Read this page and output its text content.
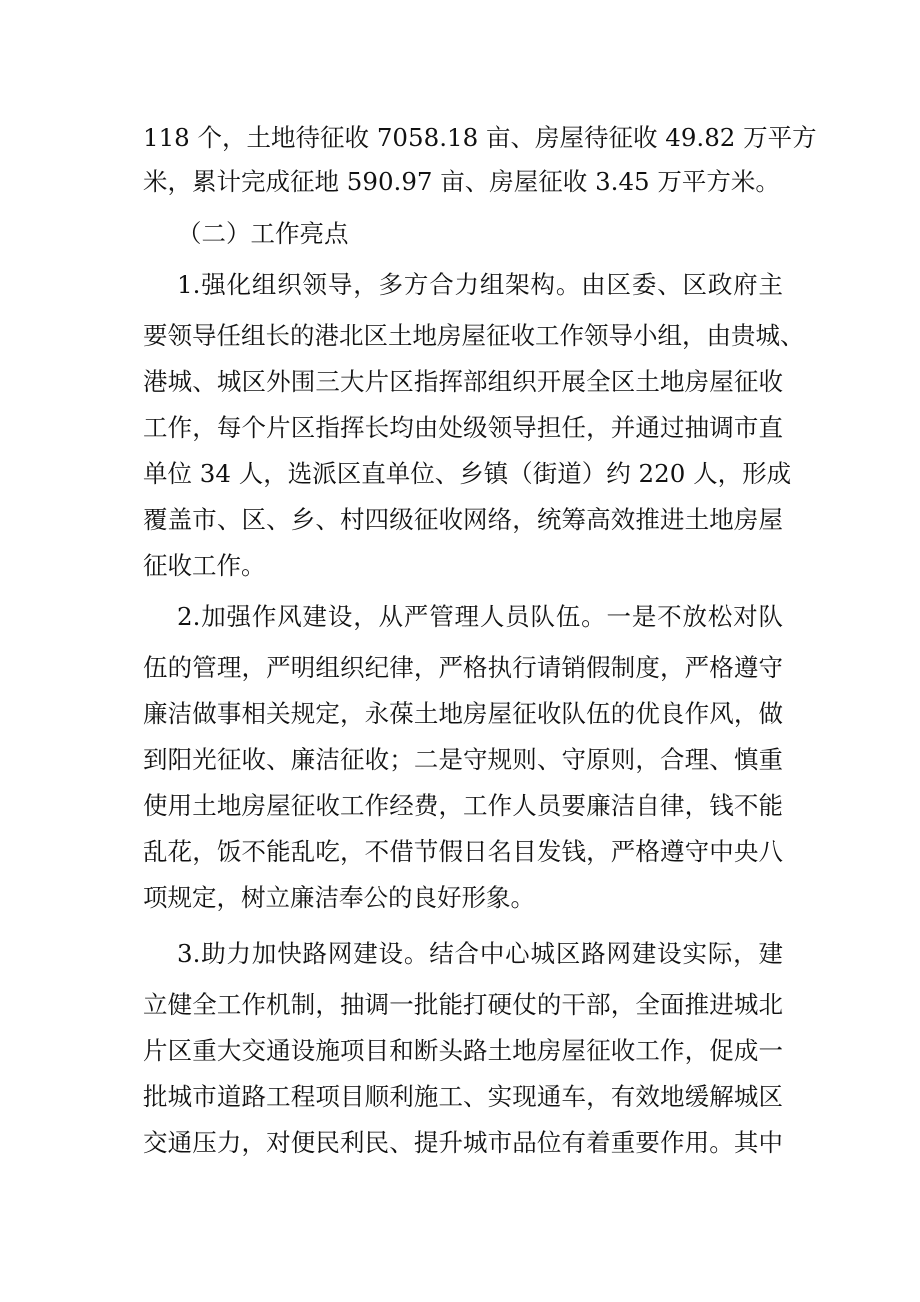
118 个，土地待征收 7058.18 亩、房屋待征收 49.82 万平方
米，累计完成征地 590.97 亩、房屋征收 3.45 万平方米。
（二）工作亮点
1.强化组织领导，多方合力组架构。由区委、区政府主
要领导任组长的港北区土地房屋征收工作领导小组，由贵城、
港城、城区外围三大片区指挥部组织开展全区土地房屋征收
工作，每个片区指挥长均由处级领导担任，并通过抽调市直
单位 34 人，选派区直单位、乡镇（街道）约 220 人，形成
覆盖市、区、乡、村四级征收网络，统筹高效推进土地房屋
征收工作。
2.加强作风建设，从严管理人员队伍。一是不放松对队
伍的管理，严明组织纪律，严格执行请销假制度，严格遵守
廉洁做事相关规定，永葆土地房屋征收队伍的优良作风，做
到阳光征收、廉洁征收；二是守规则、守原则，合理、慎重
使用土地房屋征收工作经费，工作人员要廉洁自律，钱不能
乱花，饭不能乱吃，不借节假日名目发钱，严格遵守中央八
项规定，树立廉洁奉公的良好形象。
3.助力加快路网建设。结合中心城区路网建设实际，建
立健全工作机制，抽调一批能打硬仗的干部，全面推进城北
片区重大交通设施项目和断头路土地房屋征收工作，促成一
批城市道路工程项目顺利施工、实现通车，有效地缓解城区
交通压力，对便民利民、提升城市品位有着重要作用。其中
